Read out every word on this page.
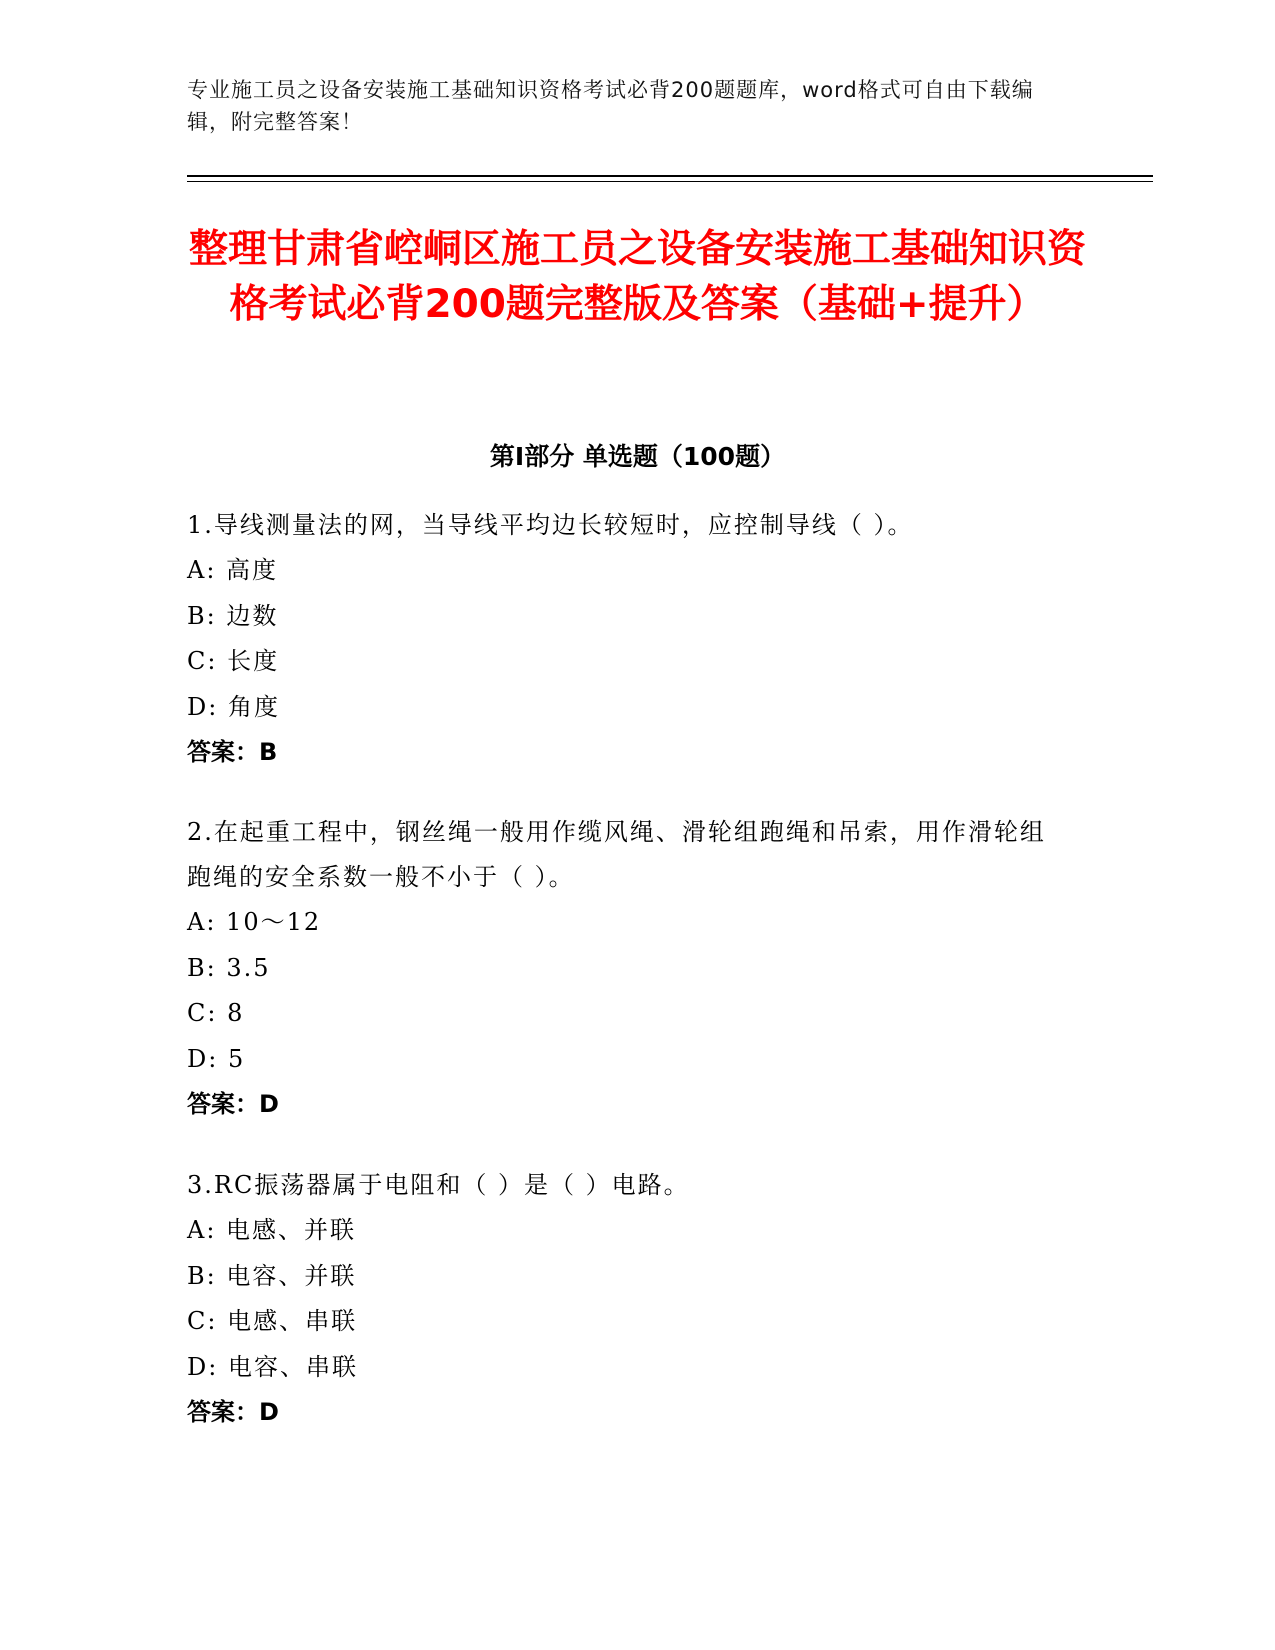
专业施工员之设备安装施工基础知识资格考试必背200题题库，word格式可自由下载编辑，附完整答案！
整理甘肃省崆峒区施工员之设备安装施工基础知识资格考试必背200题完整版及答案（基础+提升）
第Ⅰ部分 单选题（100题）
1.导线测量法的网，当导线平均边长较短时，应控制导线（ ）。
A: 高度
B: 边数
C: 长度
D: 角度
答案：B
2.在起重工程中，钢丝绳一般用作缆风绳、滑轮组跑绳和吊索，用作滑轮组跑绳的安全系数一般不小于（ ）。
A: 10～12
B: 3.5
C: 8
D: 5
答案：D
3.RC振荡器属于电阻和（ ）是（ ）电路。
A: 电感、并联
B: 电容、并联
C: 电感、串联
D: 电容、串联
答案：D
